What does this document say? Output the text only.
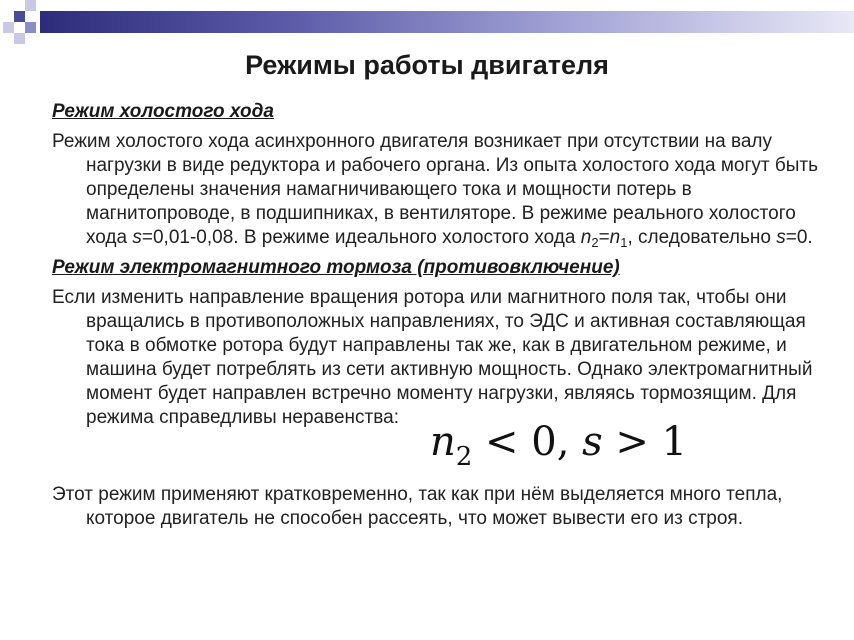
Режимы работы двигателя

Режим холостого хода

Режим холостого хода асинхронного двигателя возникает при отсутствии на валу нагрузки в виде редуктора и рабочего органа. Из опыта холостого хода могут быть определены значения намагничивающего тока и мощности потерь в магнитопроводе, в подшипниках, в вентиляторе. В режиме реального холостого хода s=0,01-0,08. В режиме идеального холостого хода $n_2=n_1$, следовательно s=0.

Режим электромагнитного тормоза (противовключение)

Если изменить направление вращения ротора или магнитного поля так, чтобы они вращались в противоположных направлениях, то ЭДС и активная составляющая тока в обмотке ротора будут направлены так же, как в двигательном режиме, и машина будет потреблять из сети активную мощность. Однако электромагнитный момент будет направлен встречно моменту нагрузки, являясь тормозящим. Для режима справедливы неравенства:

$n_2 < 0$, s > 1

Этот режим применяют кратковременно, так как при нём выделяется много тепла, которое двигатель не способен рассеять, что может вывести его из строя.
